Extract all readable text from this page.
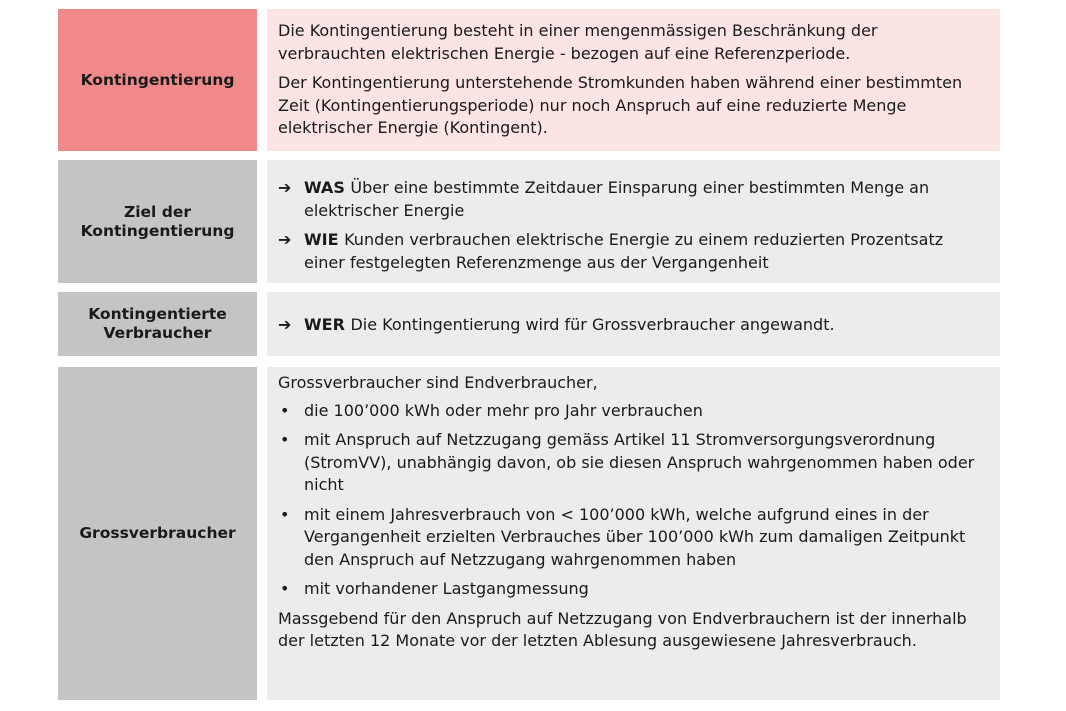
Kontingentierung

Die Kontingentierung besteht in einer mengenmässigen Beschränkung der verbrauchten elektrischen Energie - bezogen auf eine Referenzperiode.

Der Kontingentierung unterstehende Stromkunden haben während einer bestimmten Zeit (Kontingentierungsperiode) nur noch Anspruch auf eine reduzierte Menge elektrischer Energie (Kontingent).

Ziel der Kontingentierung
➔ WAS Über eine bestimmte Zeitdauer Einsparung einer bestimmten Menge an elektrischer Energie
➔ WIE Kunden verbrauchen elektrische Energie zu einem reduzierten Prozentsatz einer festgelegten Referenzmenge aus der Vergangenheit
Kontingentierte Verbraucher	➔ WER Die Kontingentierung wird für Grossverbraucher angewandt.
Grossverbraucher

Grossverbraucher sind Endverbraucher,

• die 100’000 kWh oder mehr pro Jahr verbrauchen
• mit Anspruch auf Netzzugang gemäss Artikel 11 Stromversorgungsverordnung (StromVV), unabhängig davon, ob sie diesen Anspruch wahrgenommen haben oder nicht
• mit einem Jahresverbrauch von < 100’000 kWh, welche aufgrund eines in der Vergangenheit erzielten Verbrauches über 100’000 kWh zum damaligen Zeitpunkt den Anspruch auf Netzzugang wahrgenommen haben
• mit vorhandener Lastgangmessung

Massgebend für den Anspruch auf Netzzugang von Endverbrauchern ist der innerhalb der letzten 12 Monate vor der letzten Ablesung ausgewiesene Jahresverbrauch.
